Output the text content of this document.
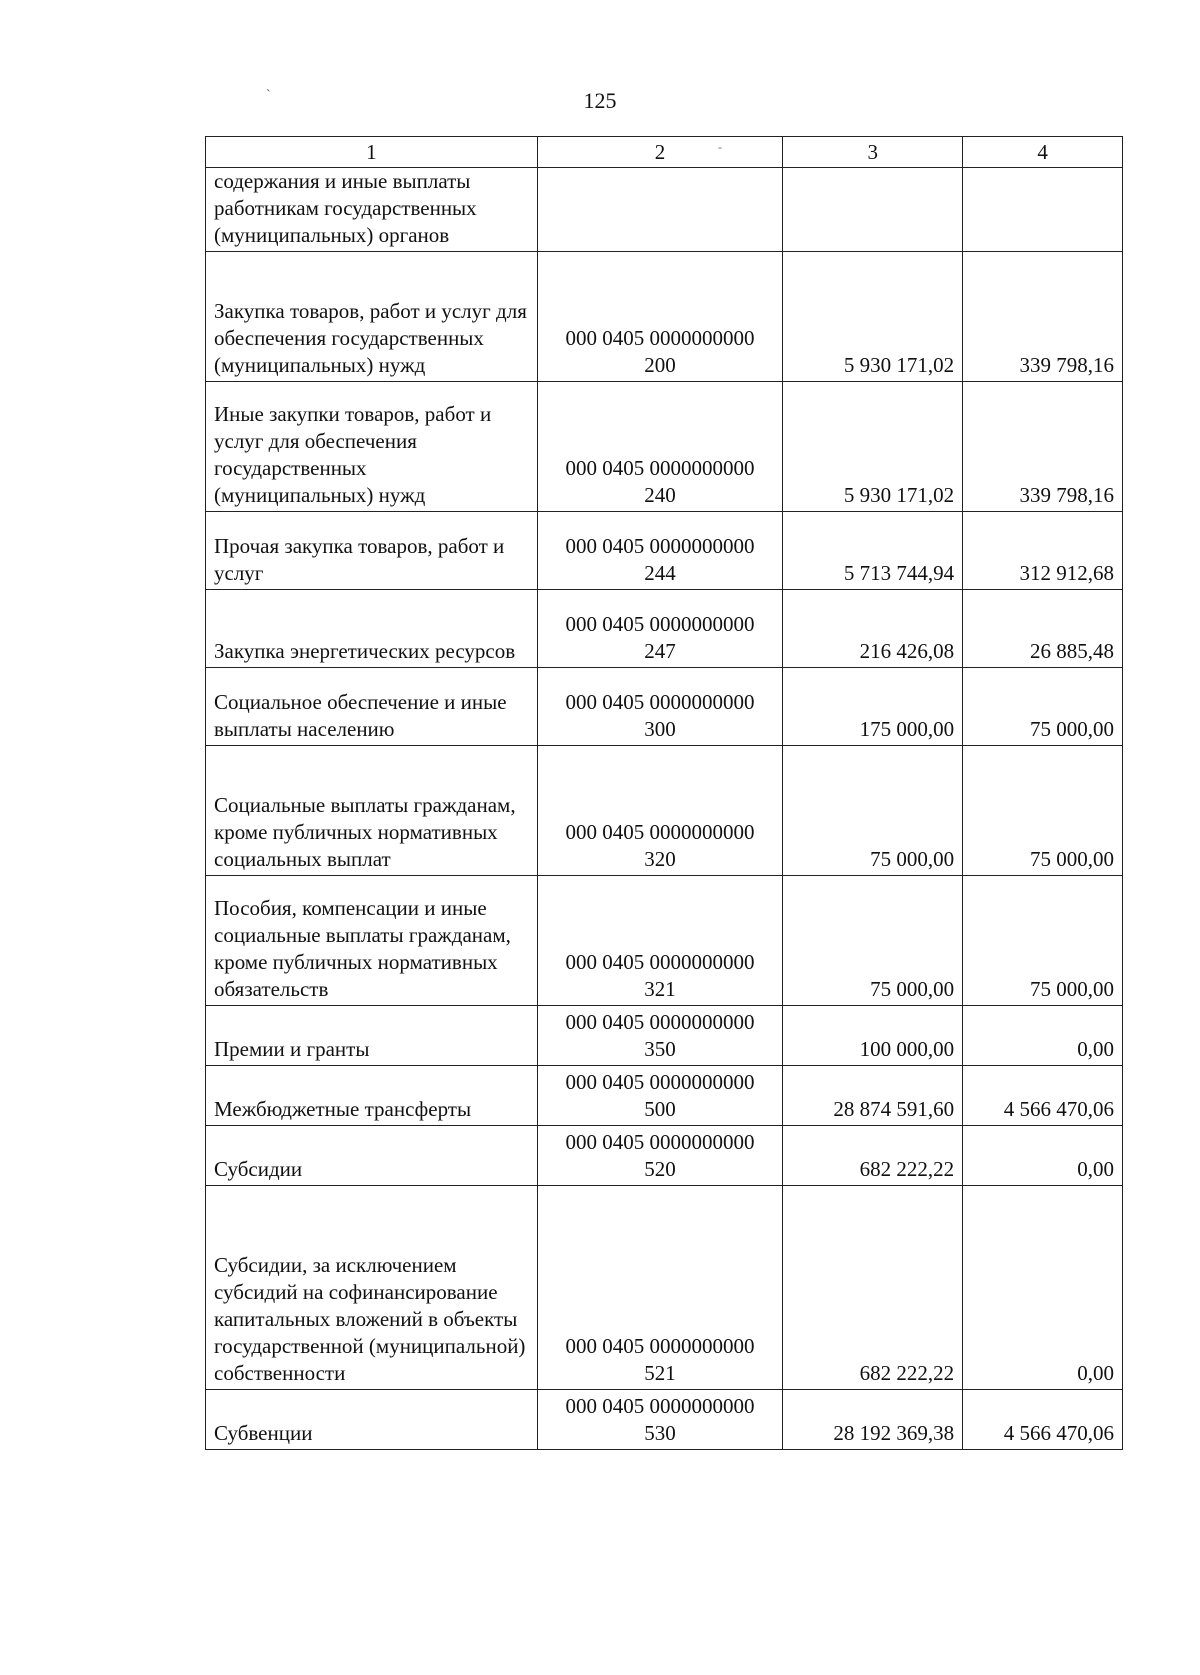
`
-
125
1	2	3	4
содержания и иные выплаты работникам государственных (муниципальных) органов			
Закупка товаров, работ и услуг для обеспечения государственных (муниципальных) нужд	000 0405 0000000000
200	5 930 171,02	339 798,16
Иные закупки товаров, работ и услуг для обеспечения государственных (муниципальных) нужд	000 0405 0000000000
240	5 930 171,02	339 798,16
Прочая закупка товаров, работ и услуг	000 0405 0000000000
244	5 713 744,94	312 912,68
Закупка энергетических ресурсов	000 0405 0000000000
247	216 426,08	26 885,48
Социальное обеспечение и иные выплаты населению	000 0405 0000000000
300	175 000,00	75 000,00
Социальные выплаты гражданам, кроме публичных нормативных социальных выплат	000 0405 0000000000
320	75 000,00	75 000,00
Пособия, компенсации и иные социальные выплаты гражданам, кроме публичных нормативных обязательств	000 0405 0000000000
321	75 000,00	75 000,00
Премии и гранты	000 0405 0000000000
350	100 000,00	0,00
Межбюджетные трансферты	000 0405 0000000000
500	28 874 591,60	4 566 470,06
Субсидии	000 0405 0000000000
520	682 222,22	0,00
Субсидии, за исключением субсидий на софинансирование капитальных вложений в объекты государственной (муниципальной) собственности	000 0405 0000000000
521	682 222,22	0,00
Субвенции	000 0405 0000000000
530	28 192 369,38	4 566 470,06
